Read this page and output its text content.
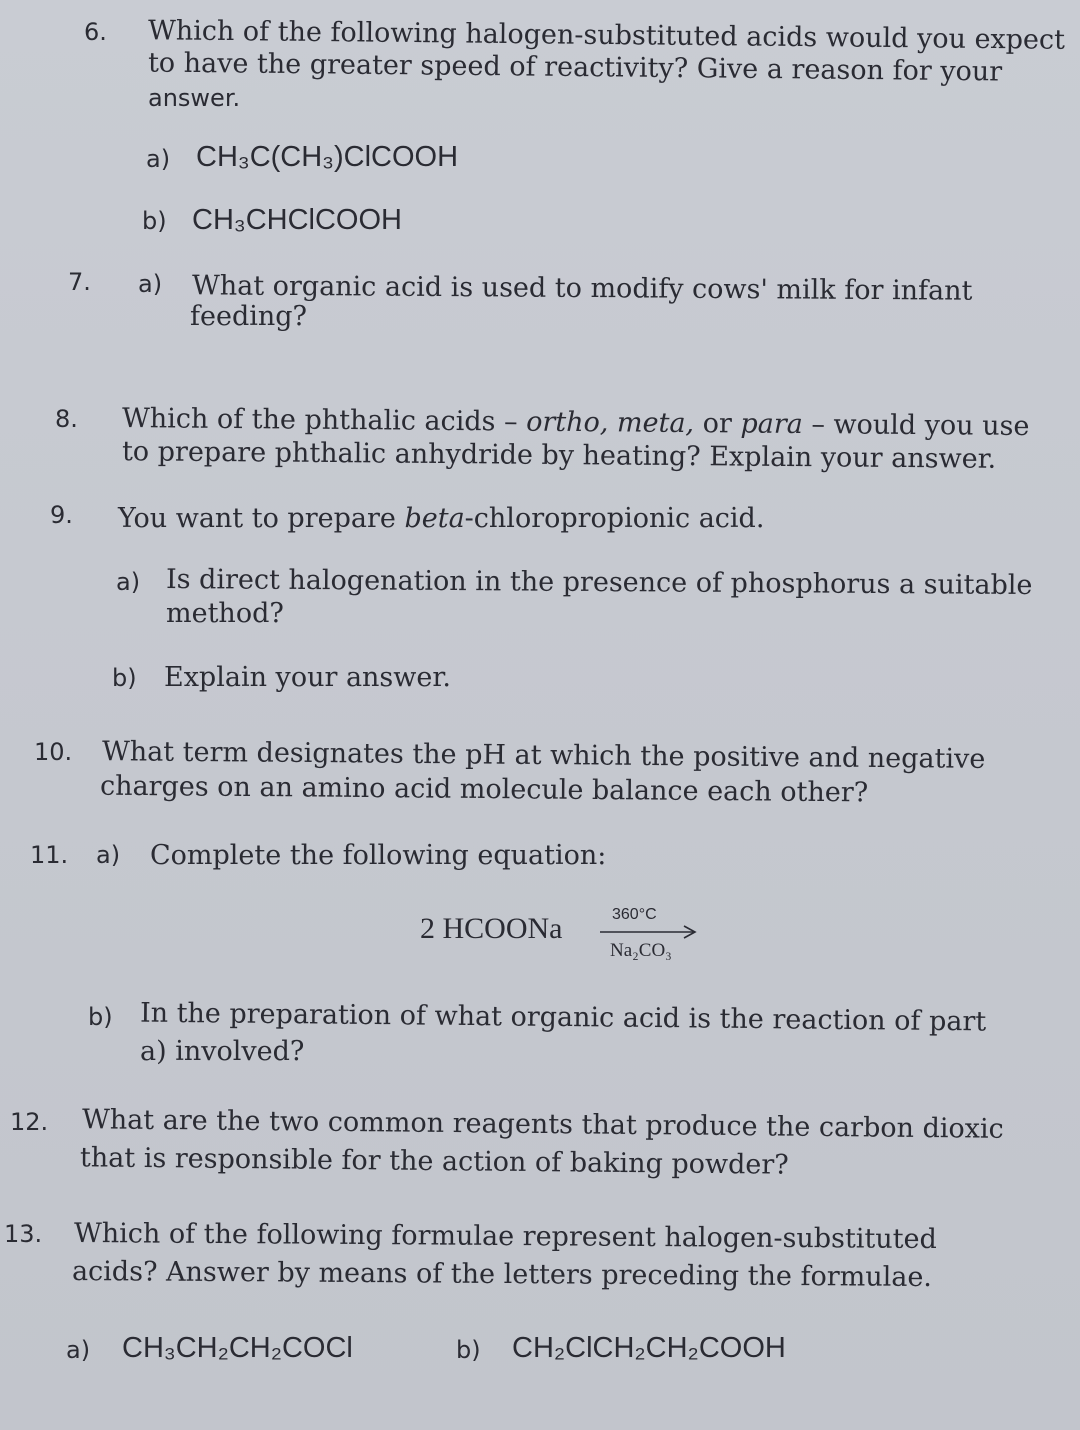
6. Which of the following halogen-substituted acids would you expect
to have the greater speed of reactivity? Give a reason for your
answer.
a) CH₃C(CH₃)ClCOOH
b) CH₃CHClCOOH
7. a) What organic acid is used to modify cows' milk for infant
feeding?
8. Which of the phthalic acids – ortho, meta, or para – would you use
to prepare phthalic anhydride by heating? Explain your answer.
9. You want to prepare beta-chloropropionic acid.
a) Is direct halogenation in the presence of phosphorus a suitable
method?
b) Explain your answer.
10. What term designates the pH at which the positive and negative
charges on an amino acid molecule balance each other?
11. a) Complete the following equation:
2 HCOONa	360°C
Na₂CO₃
b) In the preparation of what organic acid is the reaction of part
a) involved?
12. What are the two common reagents that produce the carbon dioxic
that is responsible for the action of baking powder?
13. Which of the following formulae represent halogen-substituted
acids? Answer by means of the letters preceding the formulae.
a) CH₃CH₂CH₂COCl	b) CH₂ClCH₂CH₂COOH
